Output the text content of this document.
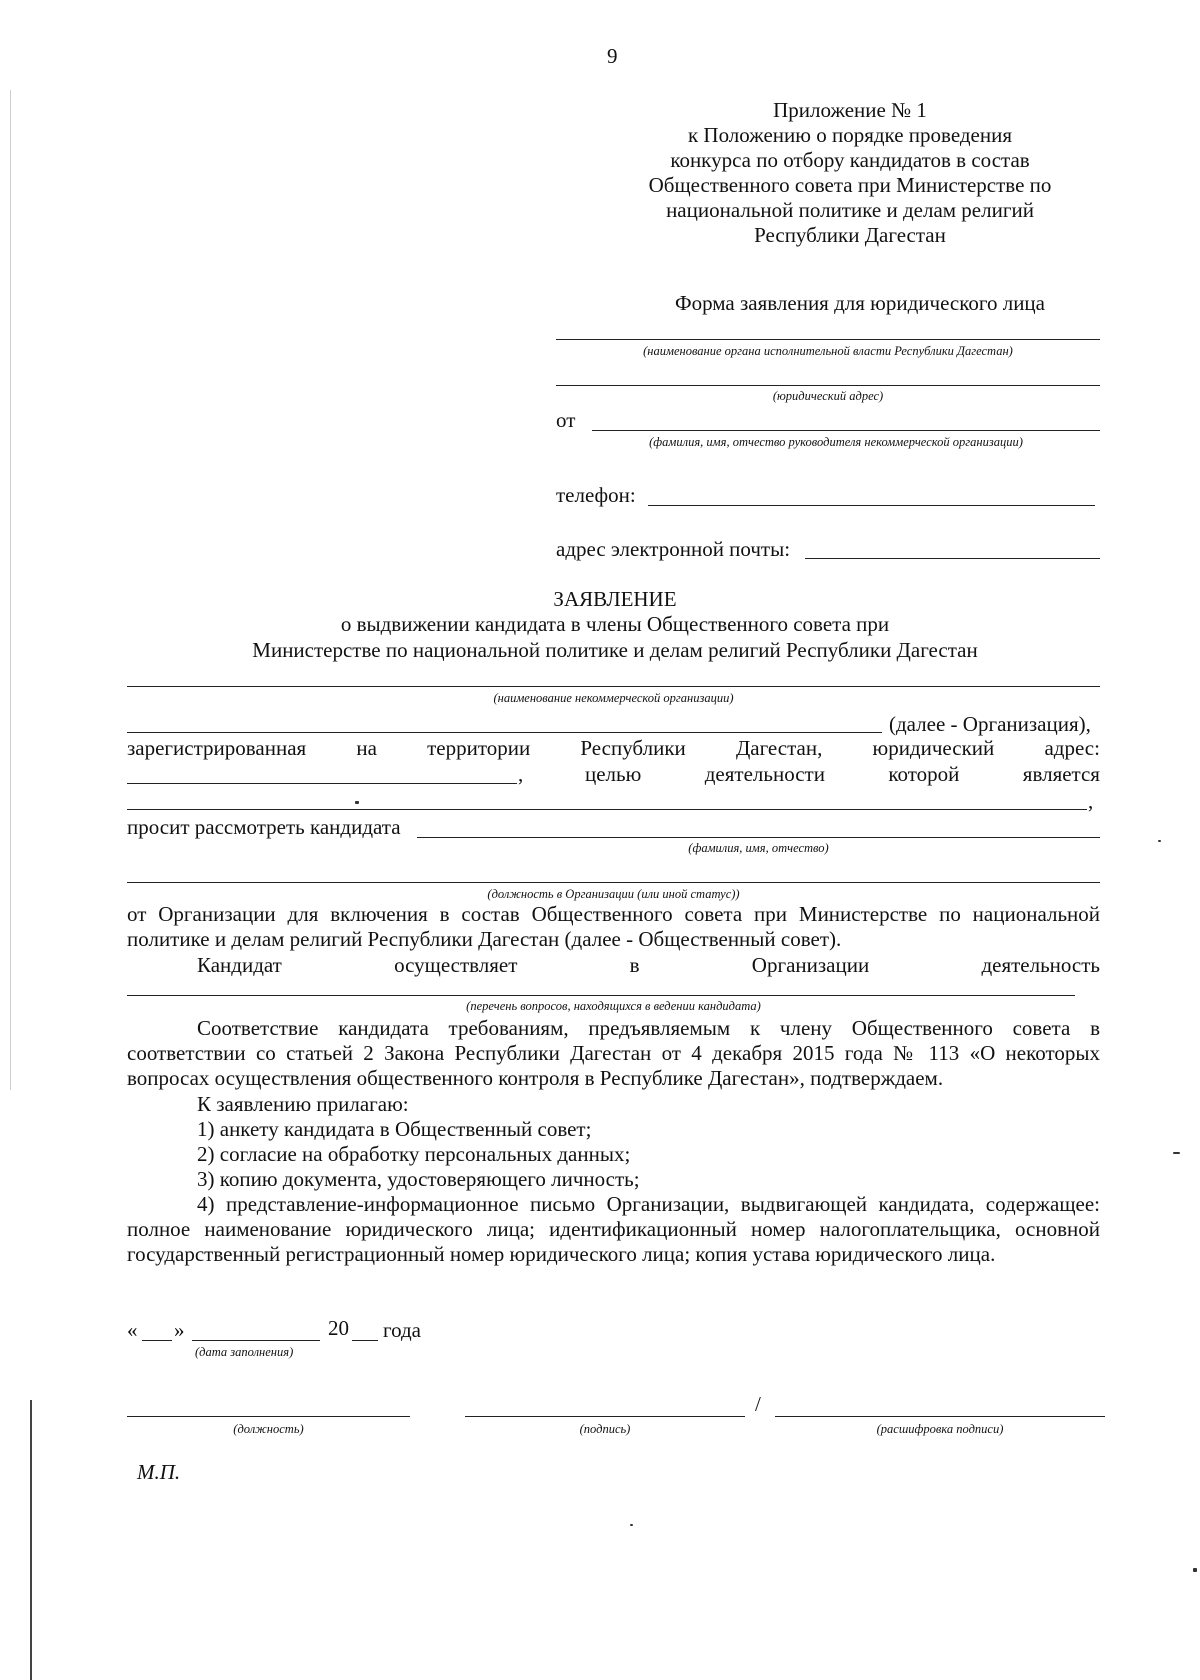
9
Приложение № 1
к Положению о порядке проведения
конкурса по отбору кандидатов в состав
Общественного совета при Министерстве по
национальной политике и делам религий
Республики Дагестан
Форма заявления для юридического лица
(наименование органа исполнительной власти Республики Дагестан)
(юридический адрес)
от
(фамилия, имя, отчество руководителя некоммерческой организации)
телефон:
адрес электронной почты:
ЗАЯВЛЕНИЕ
о выдвижении кандидата в члены Общественного совета при
Министерстве по национальной политике и делам религий Республики Дагестан
(наименование некоммерческой организации)
(далее - Организация),
зарегистрированная на территории Республики Дагестан, юридический адрес:
,	целью	деятельности	которой	является
,
просит рассмотреть кандидата
(фамилия, имя, отчество)
(должность в Организации (или иной статус))
от Организации для включения в состав Общественного совета при Министерстве по национальной
политике и делам религий Республики Дагестан (далее - Общественный совет).
Кандидат	осуществляет	в	Организации	деятельность
(перечень вопросов, находящихся в ведении кандидата)
Соответствие кандидата требованиям, предъявляемым к члену Общественного совета в
соответствии со статьей 2 Закона Республики Дагестан от 4 декабря 2015 года № 113 «О некоторых
вопросах осуществления общественного контроля в Республике Дагестан», подтверждаем.
К заявлению прилагаю:
1) анкету кандидата в Общественный совет;
2) согласие на обработку персональных данных;
3) копию документа, удостоверяющего личность;
4) представление-информационное письмо Организации, выдвигающей кандидата, содержащее:
полное наименование юридического лица; идентификационный номер налогоплательщика, основной
государственный регистрационный номер юридического лица; копия устава юридического лица.
« »	20 года
(дата заполнения)
/
(должность)	(подпись)	(расшифровка подписи)
М.П.
